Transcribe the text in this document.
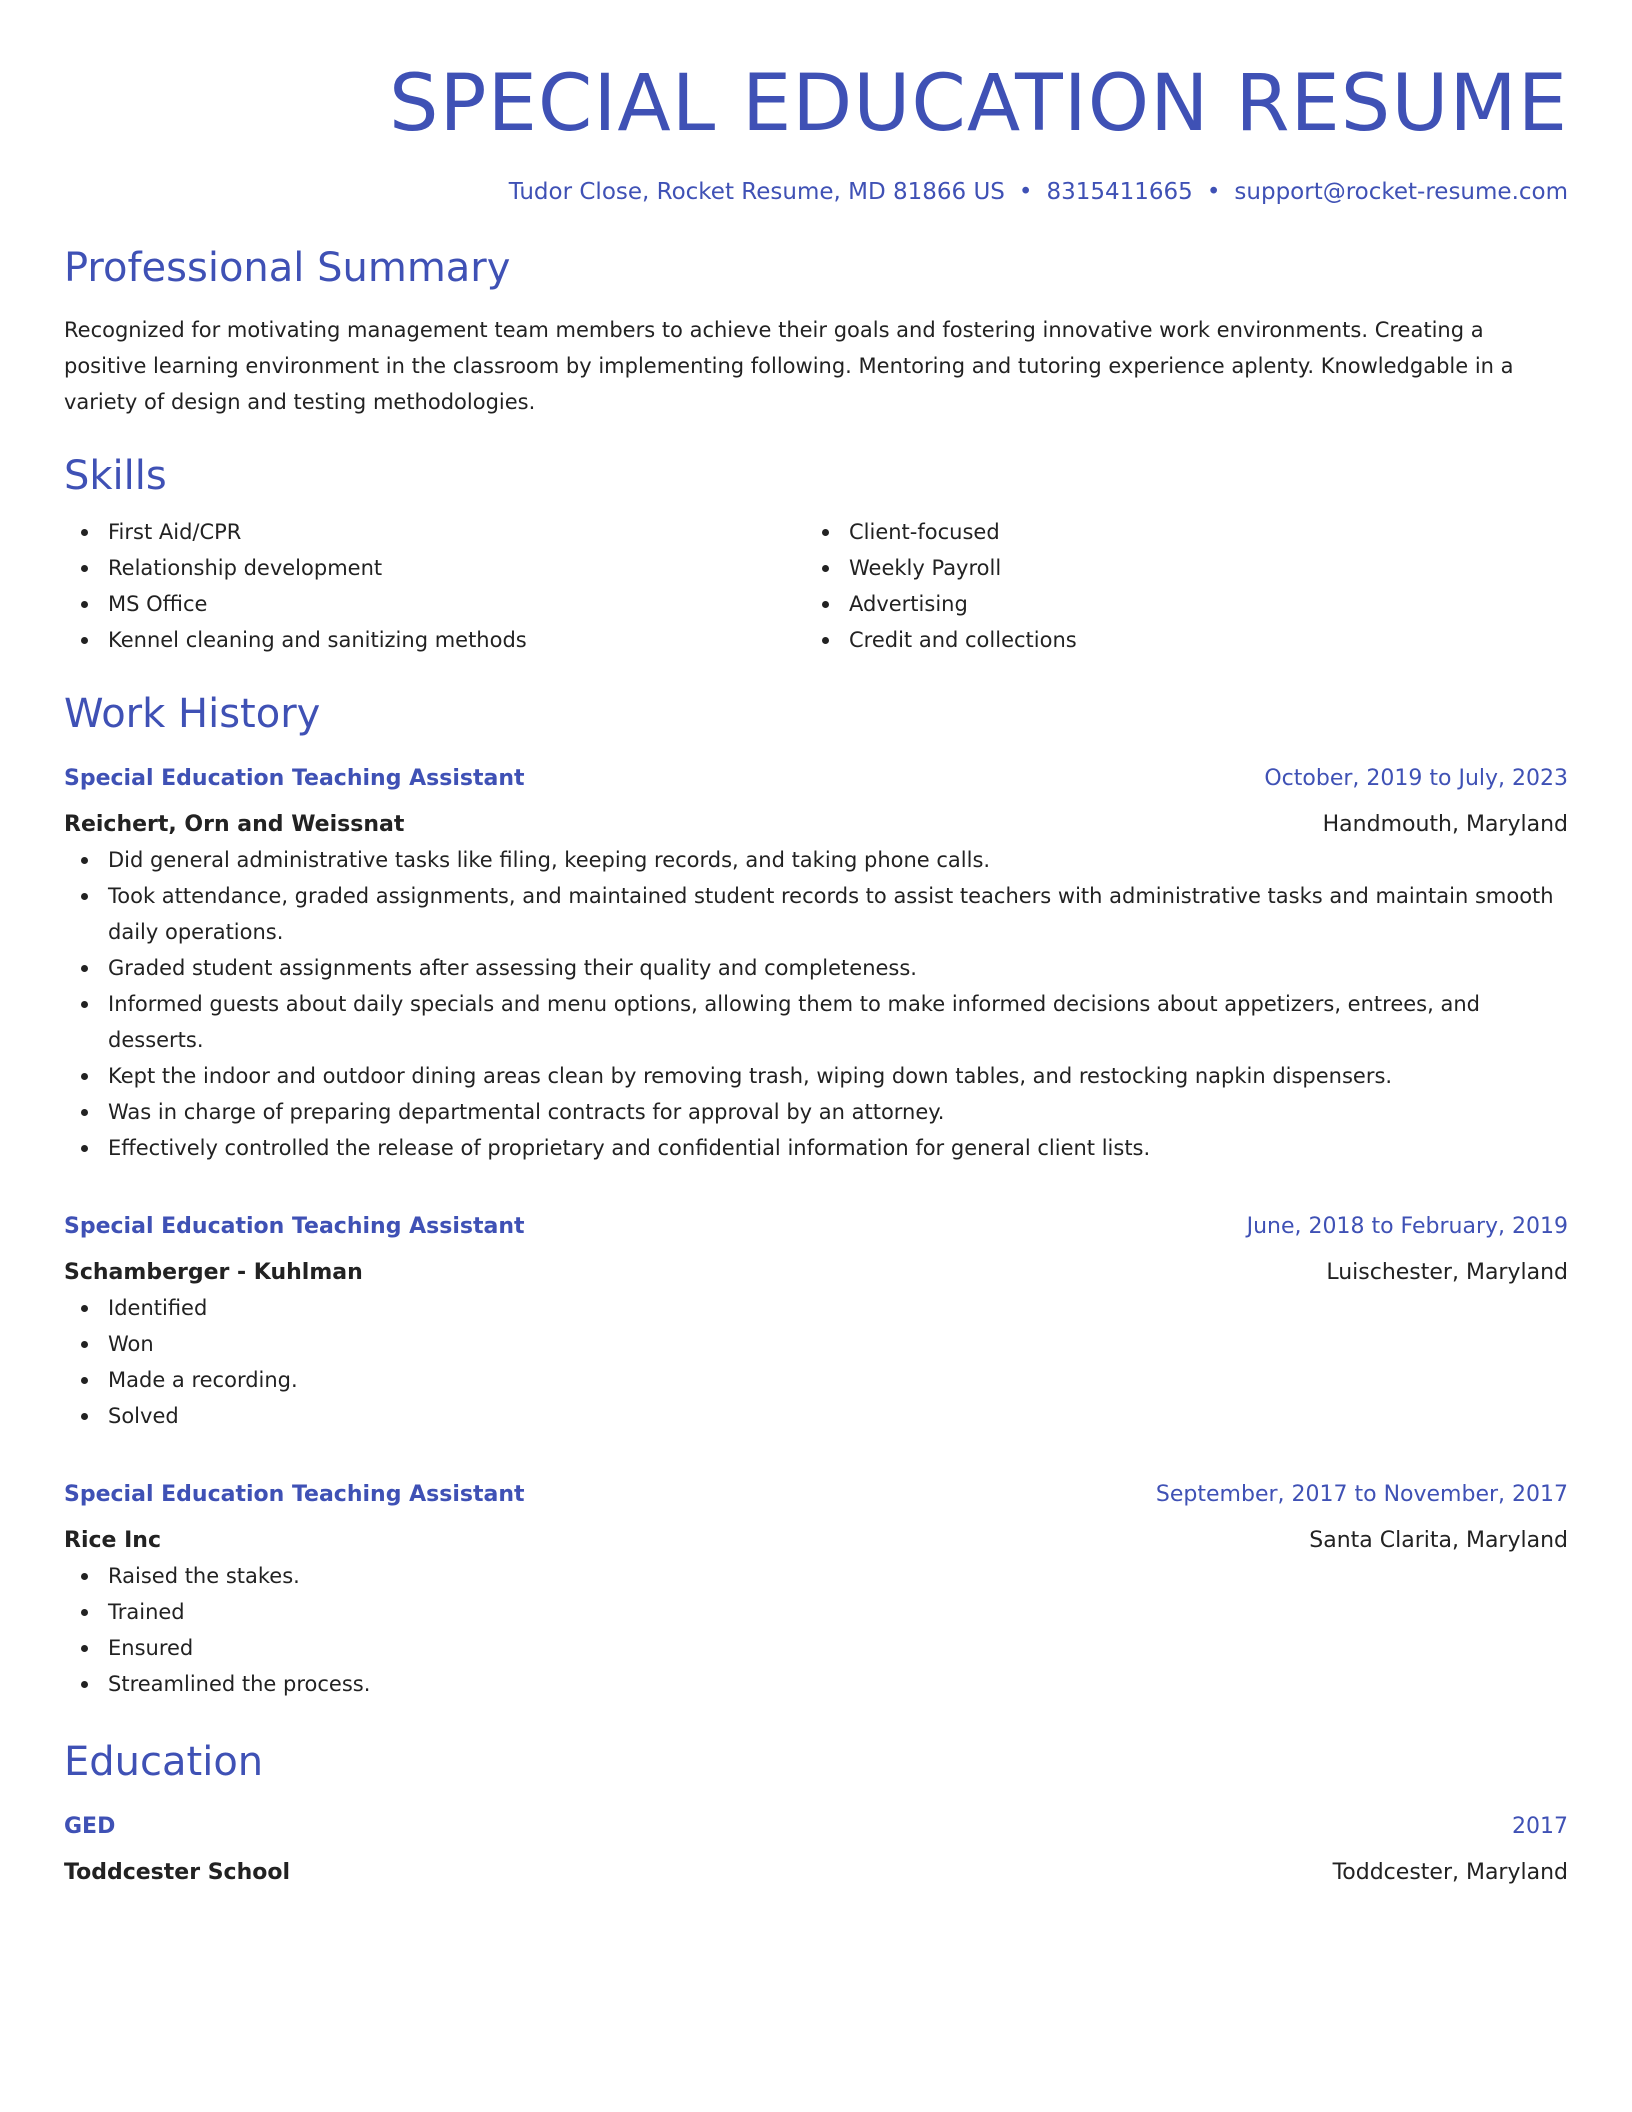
SPECIAL EDUCATION RESUME
Tudor Close, Rocket Resume, MD 81866 US • 8315411665 • support@rocket-resume.com
Professional Summary

Recognized for motivating management team members to achieve their goals and fostering innovative work environments. Creating a positive learning environment in the classroom by implementing following. Mentoring and tutoring experience aplenty. Knowledgable in a variety of design and testing methodologies.

Skills
First Aid/CPR
Relationship development
MS Office
Kennel cleaning and sanitizing methods
Client-focused
Weekly Payroll
Advertising
Credit and collections
Work History
Special Education Teaching Assistant	October, 2019 to July, 2023
Reichert, Orn and Weissnat	Handmouth, Maryland
Did general administrative tasks like filing, keeping records, and taking phone calls.
Took attendance, graded assignments, and maintained student records to assist teachers with administrative tasks and maintain smooth daily operations.
Graded student assignments after assessing their quality and completeness.
Informed guests about daily specials and menu options, allowing them to make informed decisions about appetizers, entrees, and desserts.
Kept the indoor and outdoor dining areas clean by removing trash, wiping down tables, and restocking napkin dispensers.
Was in charge of preparing departmental contracts for approval by an attorney.
Effectively controlled the release of proprietary and confidential information for general client lists.
Special Education Teaching Assistant	June, 2018 to February, 2019
Schamberger - Kuhlman	Luischester, Maryland
Identified
Won
Made a recording.
Solved
Special Education Teaching Assistant	September, 2017 to November, 2017
Rice Inc	Santa Clarita, Maryland
Raised the stakes.
Trained
Ensured
Streamlined the process.
Education
GED	2017
Toddcester School	Toddcester, Maryland
